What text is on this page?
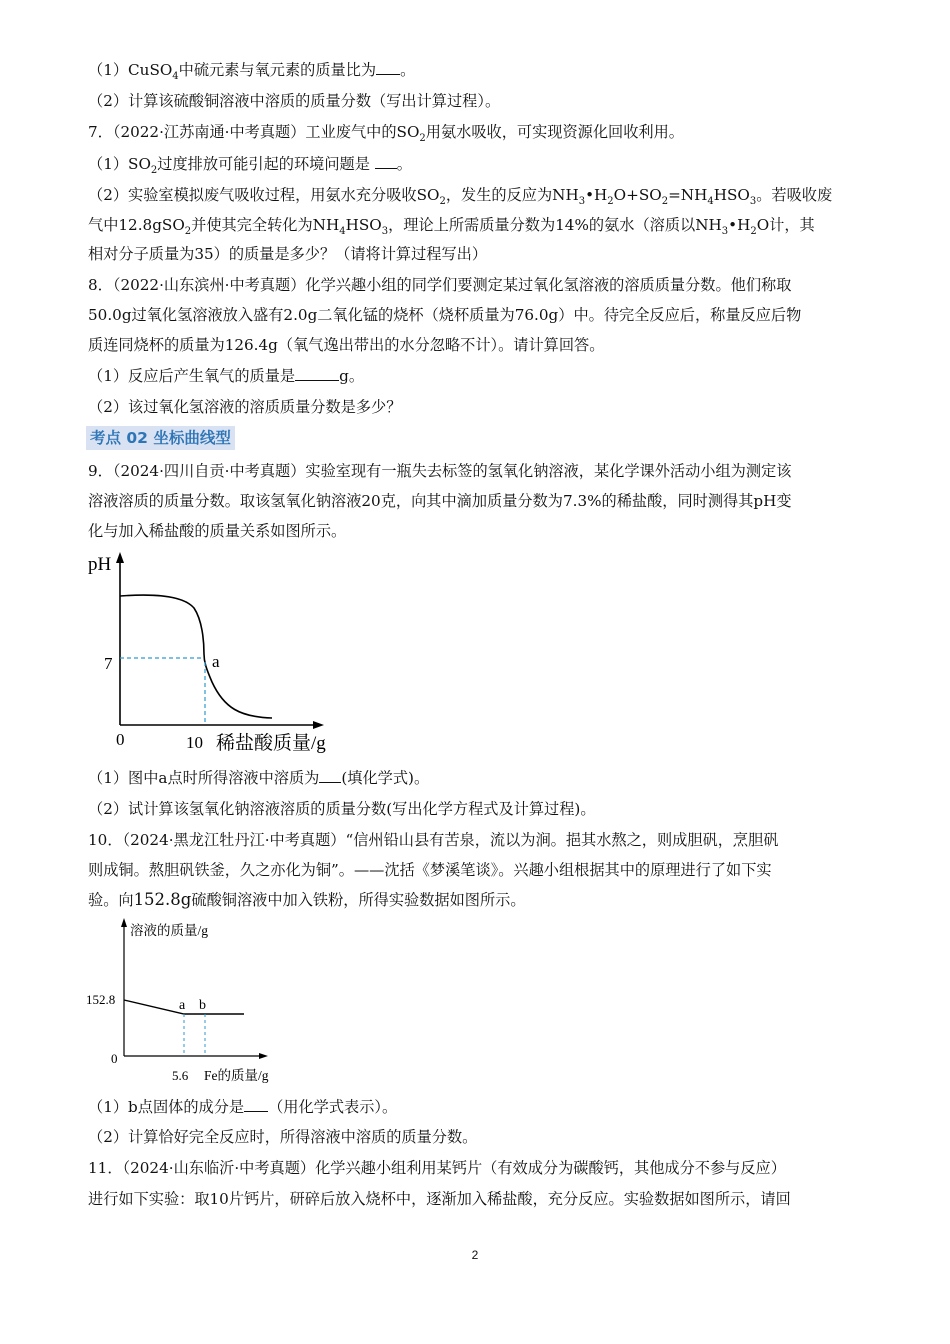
（1）CuSO$_4$中硫元素与氧元素的质量比为 。
（2）计算该硫酸铜溶液中溶质的质量分数（写出计算过程）。
7．（2022·江苏南通·中考真题）工业废气中的$SO_2$用氨水吸收，可实现资源化回收利用。
$(1)SO_2$过度排放可能引起的环境问题是 。
（2）实验室模拟废气吸收过程，用氨水充分吸收$SO_2$，发生的反应为$NH_3•H_2O+SO_2=NH_4HSO_3$。若吸收废
气中12.8gSO$_2$并使其完全转化为$NH_4HSO_3$，理论上所需质量分数为14%的氨水（溶质以$NH_3•H_2O$计，其
相对分子质量为35）的质量是多少？（请将计算过程写出）
8．（2022·山东滨州·中考真题）化学兴趣小组的同学们要测定某过氧化氢溶液的溶质质量分数。他们称取
50.0g过氧化氢溶液放入盛有2.0g二氧化锰的烧杯（烧杯质量为76.0g）中。待完全反应后，称量反应后物
质连同烧杯的质量为126.4g（氧气逸出带出的水分忽略不计）。请计算回答。
（1）反应后产生氧气的质量是	g。
（2）该过氧化氢溶液的溶质质量分数是多少？
考点 02 坐标曲线型
9．（2024·四川自贡·中考真题）实验室现有一瓶失去标签的氢氧化钠溶液，某化学课外活动小组为测定该
溶液溶质的质量分数。取该氢氧化钠溶液20克，向其中滴加质量分数为7.3%的稀盐酸，同时测得其pH变
化与加入稀盐酸的质量关系如图所示。
pH
7	a
0	10 稀盐酸质量/g
（1）图中a点时所得溶液中溶质为 (填化学式)。
（2）试计算该氢氧化钠溶液溶质的质量分数(写出化学方程式及计算过程)。
10．（2024·黑龙江牡丹江·中考真题）“信州铅山县有苦泉，流以为涧。挹其水熬之，则成胆矾，烹胆矾
则成铜。熬胆矾铁釜，久之亦化为铜”。——沈括《梦溪笔谈》。兴趣小组根据其中的原理进行了如下实
验。向152.8g硫酸铜溶液中加入铁粉，所得实验数据如图所示。
溶液的质量/g
152.8	a b
0
5.6 Fe的质量/g
（1）b点固体的成分是 （用化学式表示）。
（2）计算恰好完全反应时，所得溶液中溶质的质量分数。
11．（2024·山东临沂·中考真题）化学兴趣小组利用某钙片（有效成分为碳酸钙，其他成分不参与反应）
进行如下实验：取10片钙片，研碎后放入烧杯中，逐渐加入稀盐酸，充分反应。实验数据如图所示，请回
2
